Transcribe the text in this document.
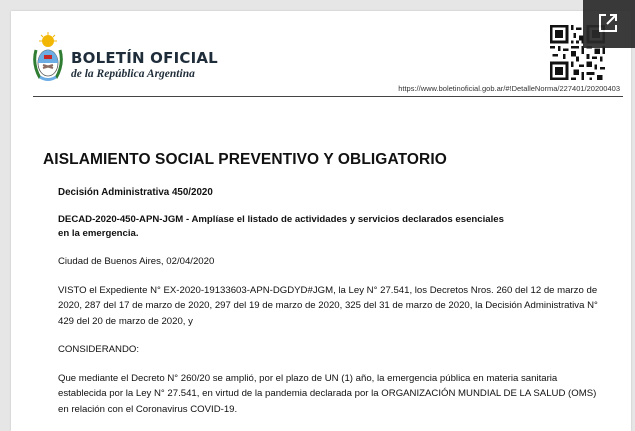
BOLETÍN OFICIAL
de la República Argentina
https://www.boletinoficial.gob.ar/#!DetalleNorma/227401/20200403
AISLAMIENTO SOCIAL PREVENTIVO Y OBLIGATORIO
Decisión Administrativa 450/2020
DECAD-2020-450-APN-JGM - Amplíase el listado de actividades y servicios declarados esenciales
en la emergencia.
Ciudad de Buenos Aires, 02/04/2020
VISTO el Expediente N° EX-2020-19133603-APN-DGDYD#JGM, la Ley N° 27.541, los Decretos Nros. 260 del 12 de marzo de 2020, 287 del 17 de marzo de 2020, 297 del 19 de marzo de 2020, 325 del 31 de marzo de 2020, la Decisión Administrativa N° 429 del 20 de marzo de 2020, y
CONSIDERANDO:
Que mediante el Decreto N° 260/20 se amplió, por el plazo de UN (1) año, la emergencia pública en materia sanitaria establecida por la Ley N° 27.541, en virtud de la pandemia declarada por la ORGANIZACIÓN MUNDIAL DE LA SALUD (OMS) en relación con el Coronavirus COVID-19.
